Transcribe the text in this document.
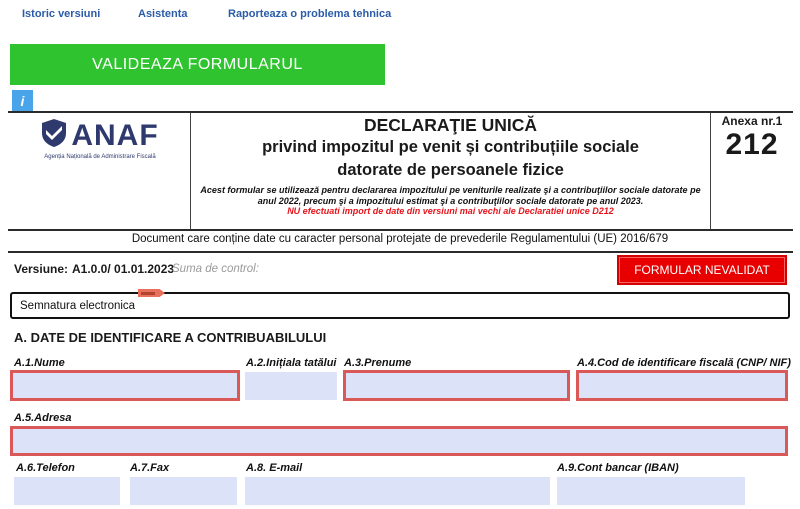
Istoric versiuni	Asistenta	Raporteaza o problema tehnica
VALIDEAZA FORMULARUL
i
ANAF
Agenția Națională de Administrare Fiscală
DECLARAŢIE UNICĂ
privind impozitul pe venit și contribuțiile sociale
datorate de persoanele fizice
Acest formular se utilizează pentru declararea impozitului pe veniturile realizate şi a contribuţiilor sociale datorate pe anul 2022, precum şi a impozitului estimat şi a contribuţiilor sociale datorate pe anul 2023.
NU efectuati import de date din versiuni mai vechi ale Declaratiei unice D212
Anexa nr.1
212
Document care conține date cu caracter personal protejate de prevederile Regulamentului (UE) 2016/679
Versiune: A1.0.0/ 01.01.2023
Suma de control:	FORMULAR NEVALIDAT
Semnatura electronica
A. DATE DE IDENTIFICARE A CONTRIBUABILULUI
A.1.Nume	A.2.Inițiala tatălui A.3.Prenume	A.4.Cod de identificare fiscală (CNP/ NIF)
A.5.Adresa
A.6.Telefon	A.7.Fax	A.8. E-mail	A.9.Cont bancar (IBAN)
